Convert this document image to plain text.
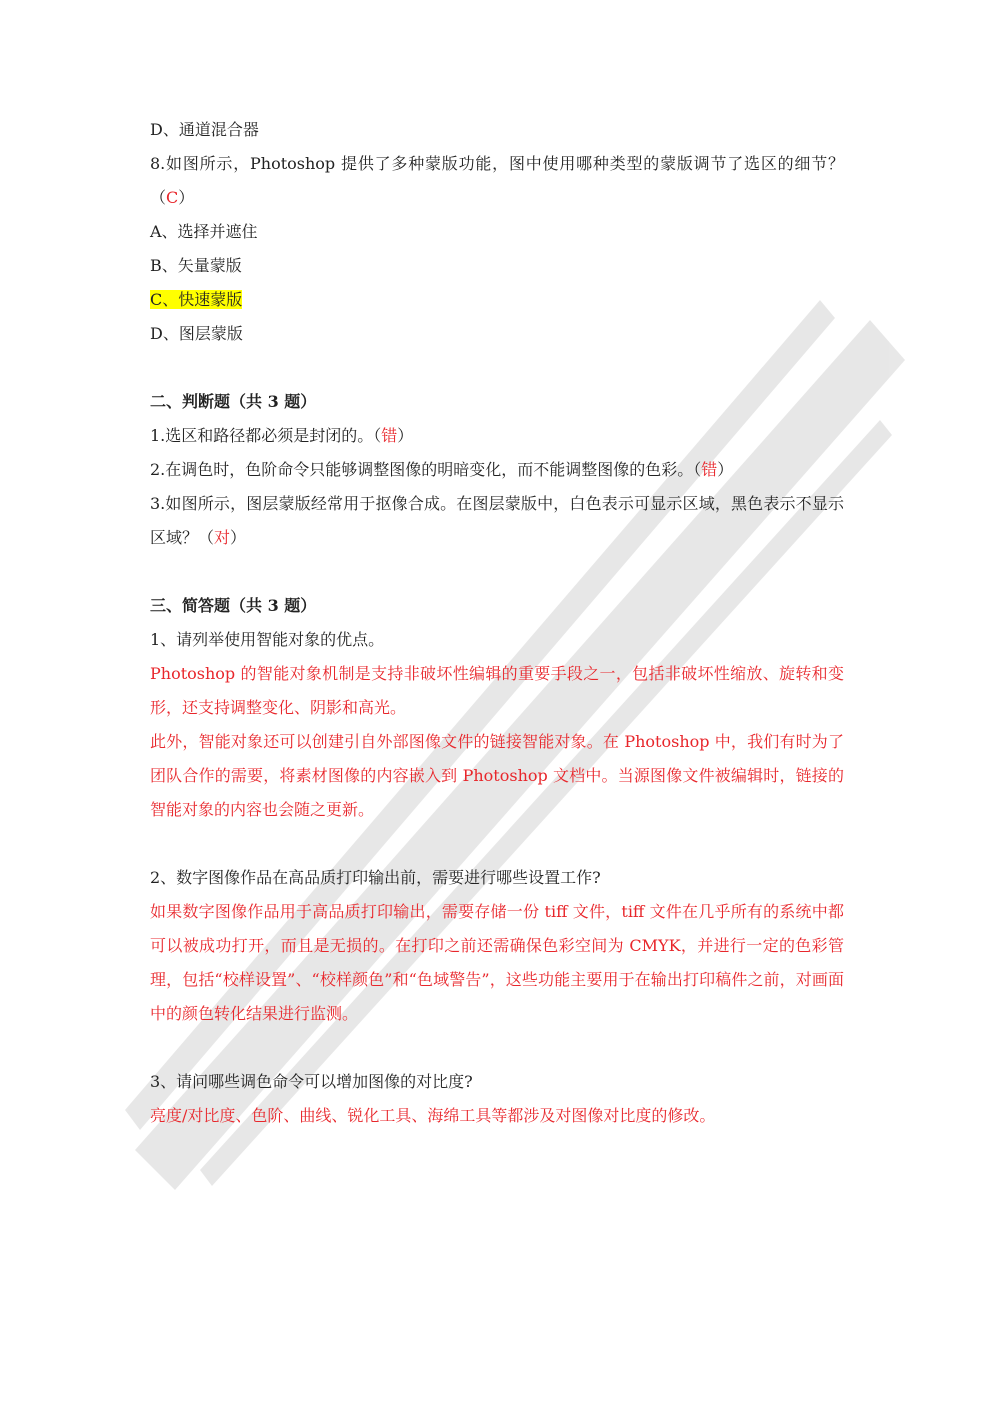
D、通道混合器

8.如图所示，Photoshop 提供了多种蒙版功能，图中使用哪种类型的蒙版调节了选区的细节？（C）

A、选择并遮住

B、矢量蒙版

C、快速蒙版

D、图层蒙版

二、判断题（共 3 题）

1.选区和路径都必须是封闭的。（错）

2.在调色时，色阶命令只能够调整图像的明暗变化，而不能调整图像的色彩。（错）

3.如图所示，图层蒙版经常用于抠像合成。在图层蒙版中，白色表示可显示区域，黑色表示不显示区域？（对）

三、简答题（共 3 题）

1、请列举使用智能对象的优点。

Photoshop 的智能对象机制是支持非破坏性编辑的重要手段之一，包括非破坏性缩放、旋转和变形，还支持调整变化、阴影和高光。

此外，智能对象还可以创建引自外部图像文件的链接智能对象。在 Photoshop 中，我们有时为了团队合作的需要，将素材图像的内容嵌入到 Photoshop 文档中。当源图像文件被编辑时，链接的智能对象的内容也会随之更新。

2、数字图像作品在高品质打印输出前，需要进行哪些设置工作?

如果数字图像作品用于高品质打印输出，需要存储一份 tiff 文件，tiff 文件在几乎所有的系统中都可以被成功打开，而且是无损的。在打印之前还需确保色彩空间为 CMYK，并进行一定的色彩管理，包括“校样设置”、“校样颜色”和“色域警告”，这些功能主要用于在输出打印稿件之前，对画面中的颜色转化结果进行监测。

3、请问哪些调色命令可以增加图像的对比度?

亮度/对比度、色阶、曲线、锐化工具、海绵工具等都涉及对图像对比度的修改。
